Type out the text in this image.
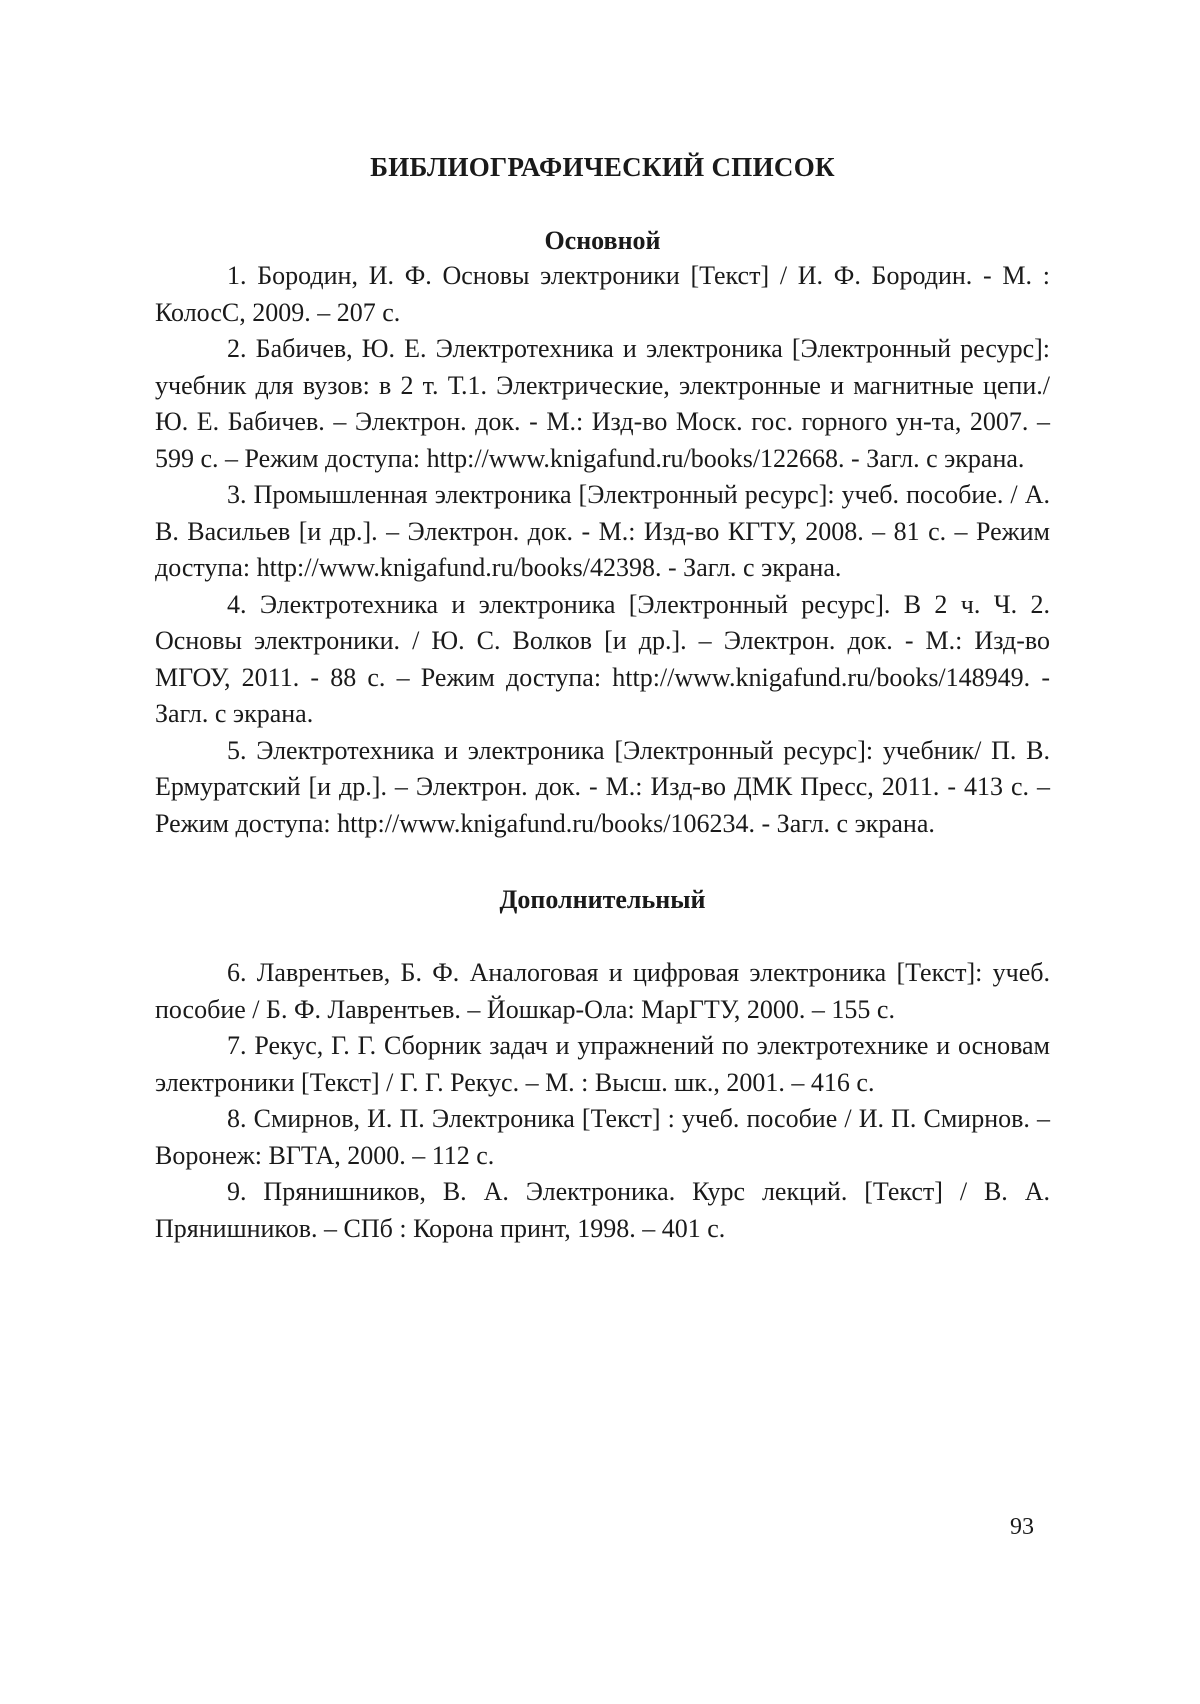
БИБЛИОГРАФИЧЕСКИЙ СПИСОК
Основной

1. Бородин, И. Ф. Основы электроники [Текст] / И. Ф. Бородин. - М. : КолосС, 2009. – 207 с.

2. Бабичев, Ю. Е. Электротехника и электроника [Электронный ресурс]: учебник для вузов: в 2 т. Т.1. Электрические, электронные и магнитные цепи./ Ю. Е. Бабичев. – Электрон. док. - М.: Изд-во Моск. гос. горного ун-та, 2007. – 599 с. – Режим доступа: http://www.knigafund.ru/books/122668. - Загл. с экрана.

3. Промышленная электроника [Электронный ресурс]: учеб. пособие. / А. В. Васильев [и др.]. – Электрон. док. - М.: Изд-во КГТУ, 2008. – 81 с. – Режим доступа: http://www.knigafund.ru/books/42398. - Загл. с экрана.

4. Электротехника и электроника [Электронный ресурс]. В 2 ч. Ч. 2. Основы электроники. / Ю. С. Волков [и др.]. – Электрон. док. - М.: Изд-во МГОУ, 2011. - 88 с. – Режим доступа: http://www.knigafund.ru/books/148949. - Загл. с экрана.

5. Электротехника и электроника [Электронный ресурс]: учебник/ П. В. Ермуратский [и др.]. – Электрон. док. - М.: Изд-во ДМК Пресс, 2011. - 413 с. – Режим доступа: http://www.knigafund.ru/books/106234. - Загл. с экрана.

Дополнительный

6. Лаврентьев, Б. Ф. Аналоговая и цифровая электроника [Текст]: учеб. пособие / Б. Ф. Лаврентьев. – Йошкар-Ола: МарГТУ, 2000. – 155 с.

7. Рекус, Г. Г. Сборник задач и упражнений по электротехнике и основам электроники [Текст] / Г. Г. Рекус. – М. : Высш. шк., 2001. – 416 с.

8. Смирнов, И. П. Электроника [Текст] : учеб. пособие / И. П. Смирнов. – Воронеж: ВГТА, 2000. – 112 с.

9. Прянишников, В. А. Электроника. Курс лекций. [Текст] / В. А. Прянишников. – СПб : Корона принт, 1998. – 401 с.

93
